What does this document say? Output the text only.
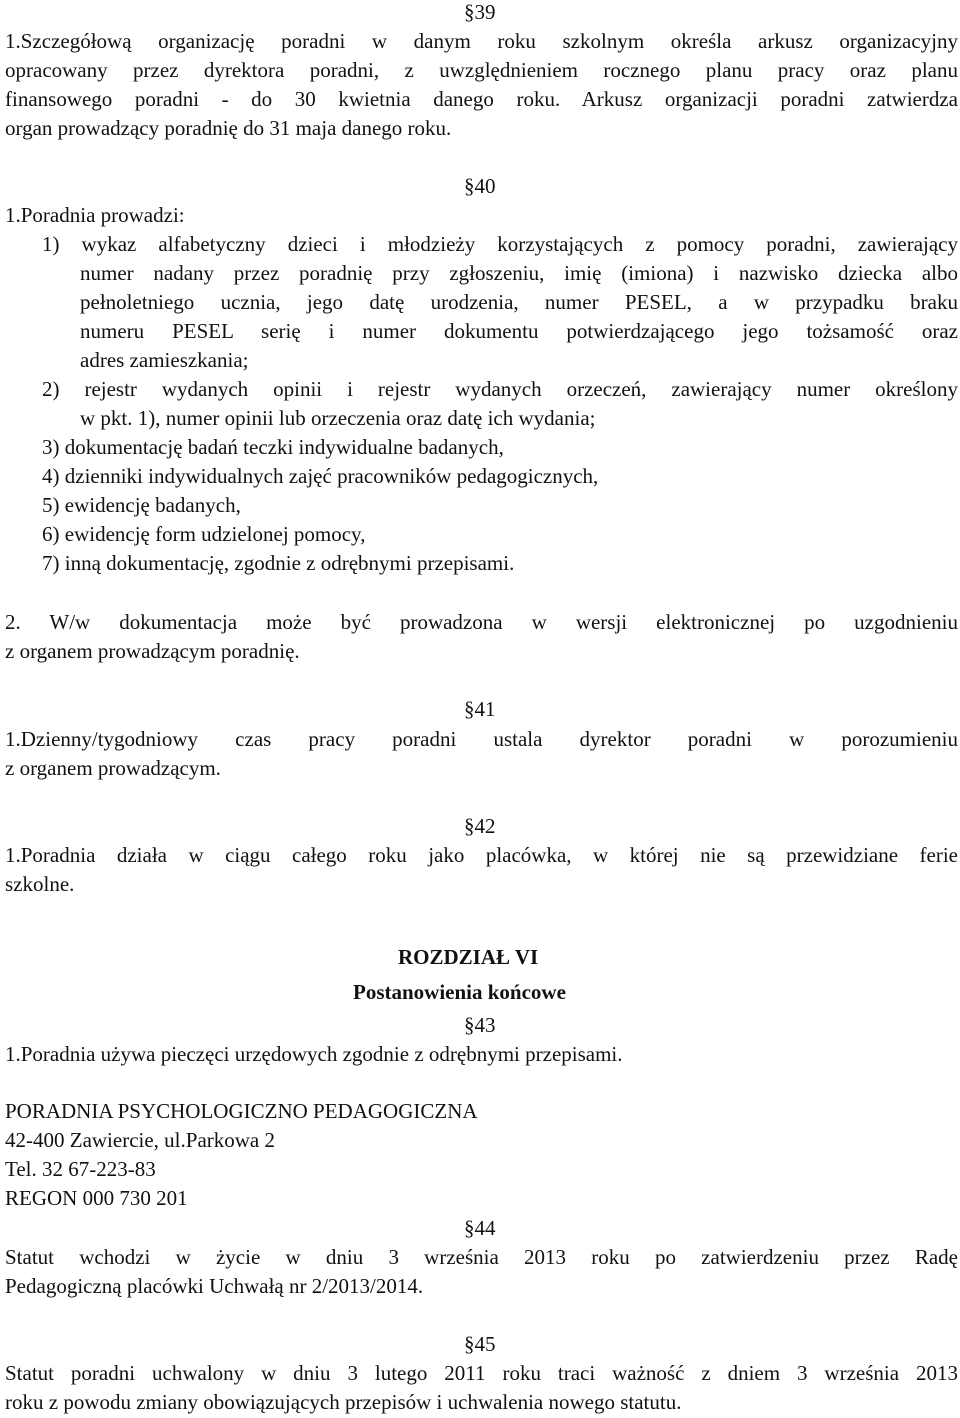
§39
1.Szczegółową organizację poradni w danym roku szkolnym określa arkusz organizacyjny
opracowany przez dyrektora poradni, z uwzględnieniem rocznego planu pracy oraz planu
finansowego poradni - do 30 kwietnia danego roku. Arkusz organizacji poradni zatwierdza
organ prowadzący poradnię do 31 maja danego roku.
§40
1.Poradnia prowadzi:
1) wykaz alfabetyczny dzieci i młodzieży korzystających z pomocy poradni, zawierający
numer nadany przez poradnię przy zgłoszeniu, imię (imiona) i nazwisko dziecka albo
pełnoletniego ucznia, jego datę urodzenia, numer PESEL, a w przypadku braku
numeru PESEL serię i numer dokumentu potwierdzającego jego tożsamość oraz
adres zamieszkania;
2) rejestr wydanych opinii i rejestr wydanych orzeczeń, zawierający numer określony
w pkt. 1), numer opinii lub orzeczenia oraz datę ich wydania;
3) dokumentację badań teczki indywidualne badanych,
4) dzienniki indywidualnych zajęć pracowników pedagogicznych,
5) ewidencję badanych,
6) ewidencję form udzielonej pomocy,
7) inną dokumentację, zgodnie z odrębnymi przepisami.
2. W/w dokumentacja może być prowadzona w wersji elektronicznej po uzgodnieniu
z organem prowadzącym poradnię.
§41
1.Dzienny/tygodniowy czas pracy poradni ustala dyrektor poradni w porozumieniu
z organem prowadzącym.
§42
1.Poradnia działa w ciągu całego roku jako placówka, w której nie są przewidziane ferie
szkolne.
ROZDZIAŁ VI
Postanowienia końcowe
§43
1.Poradnia używa pieczęci urzędowych zgodnie z odrębnymi przepisami.
PORADNIA PSYCHOLOGICZNO PEDAGOGICZNA
42-400 Zawiercie, ul.Parkowa 2
Tel. 32 67-223-83
REGON 000 730 201
§44
Statut wchodzi w życie w dniu 3 września 2013 roku po zatwierdzeniu przez Radę
Pedagogiczną placówki Uchwałą nr 2/2013/2014.
§45
Statut poradni uchwalony w dniu 3 lutego 2011 roku traci ważność z dniem 3 września 2013
roku z powodu zmiany obowiązujących przepisów i uchwalenia nowego statutu.
